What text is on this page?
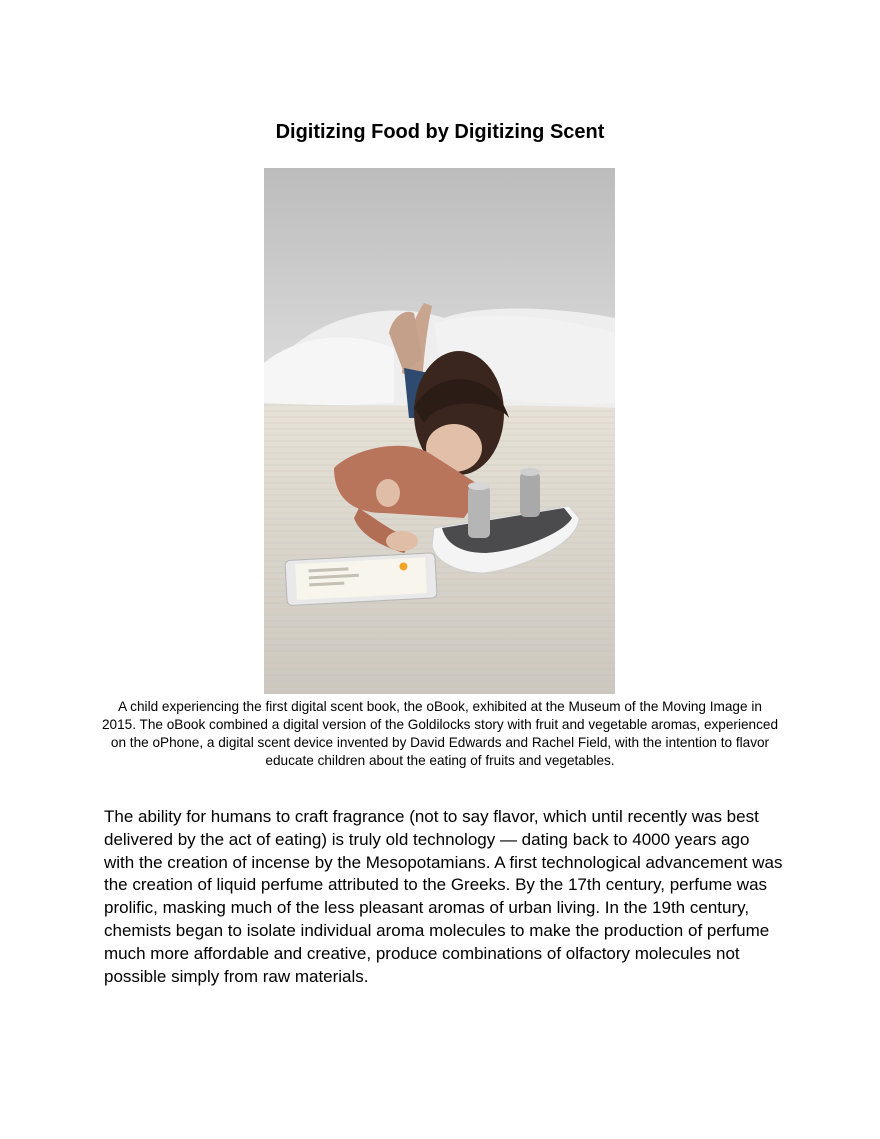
Digitizing Food by Digitizing Scent
A child experiencing the first digital scent book, the oBook, exhibited at the Museum of the Moving Image in 2015. The oBook combined a digital version of the Goldilocks story with fruit and vegetable aromas, experienced on the oPhone, a digital scent device invented by David Edwards and Rachel Field, with the intention to flavor educate children about the eating of fruits and vegetables.
The ability for humans to craft fragrance (not to say flavor, which until recently was best delivered by the act of eating) is truly old technology — dating back to 4000 years ago with the creation of incense by the Mesopotamians. A first technological advancement was the creation of liquid perfume attributed to the Greeks. By the 17th century, perfume was prolific, masking much of the less pleasant aromas of urban living. In the 19th century, chemists began to isolate individual aroma molecules to make the production of perfume much more affordable and creative, produce combinations of olfactory molecules not possible simply from raw materials.
